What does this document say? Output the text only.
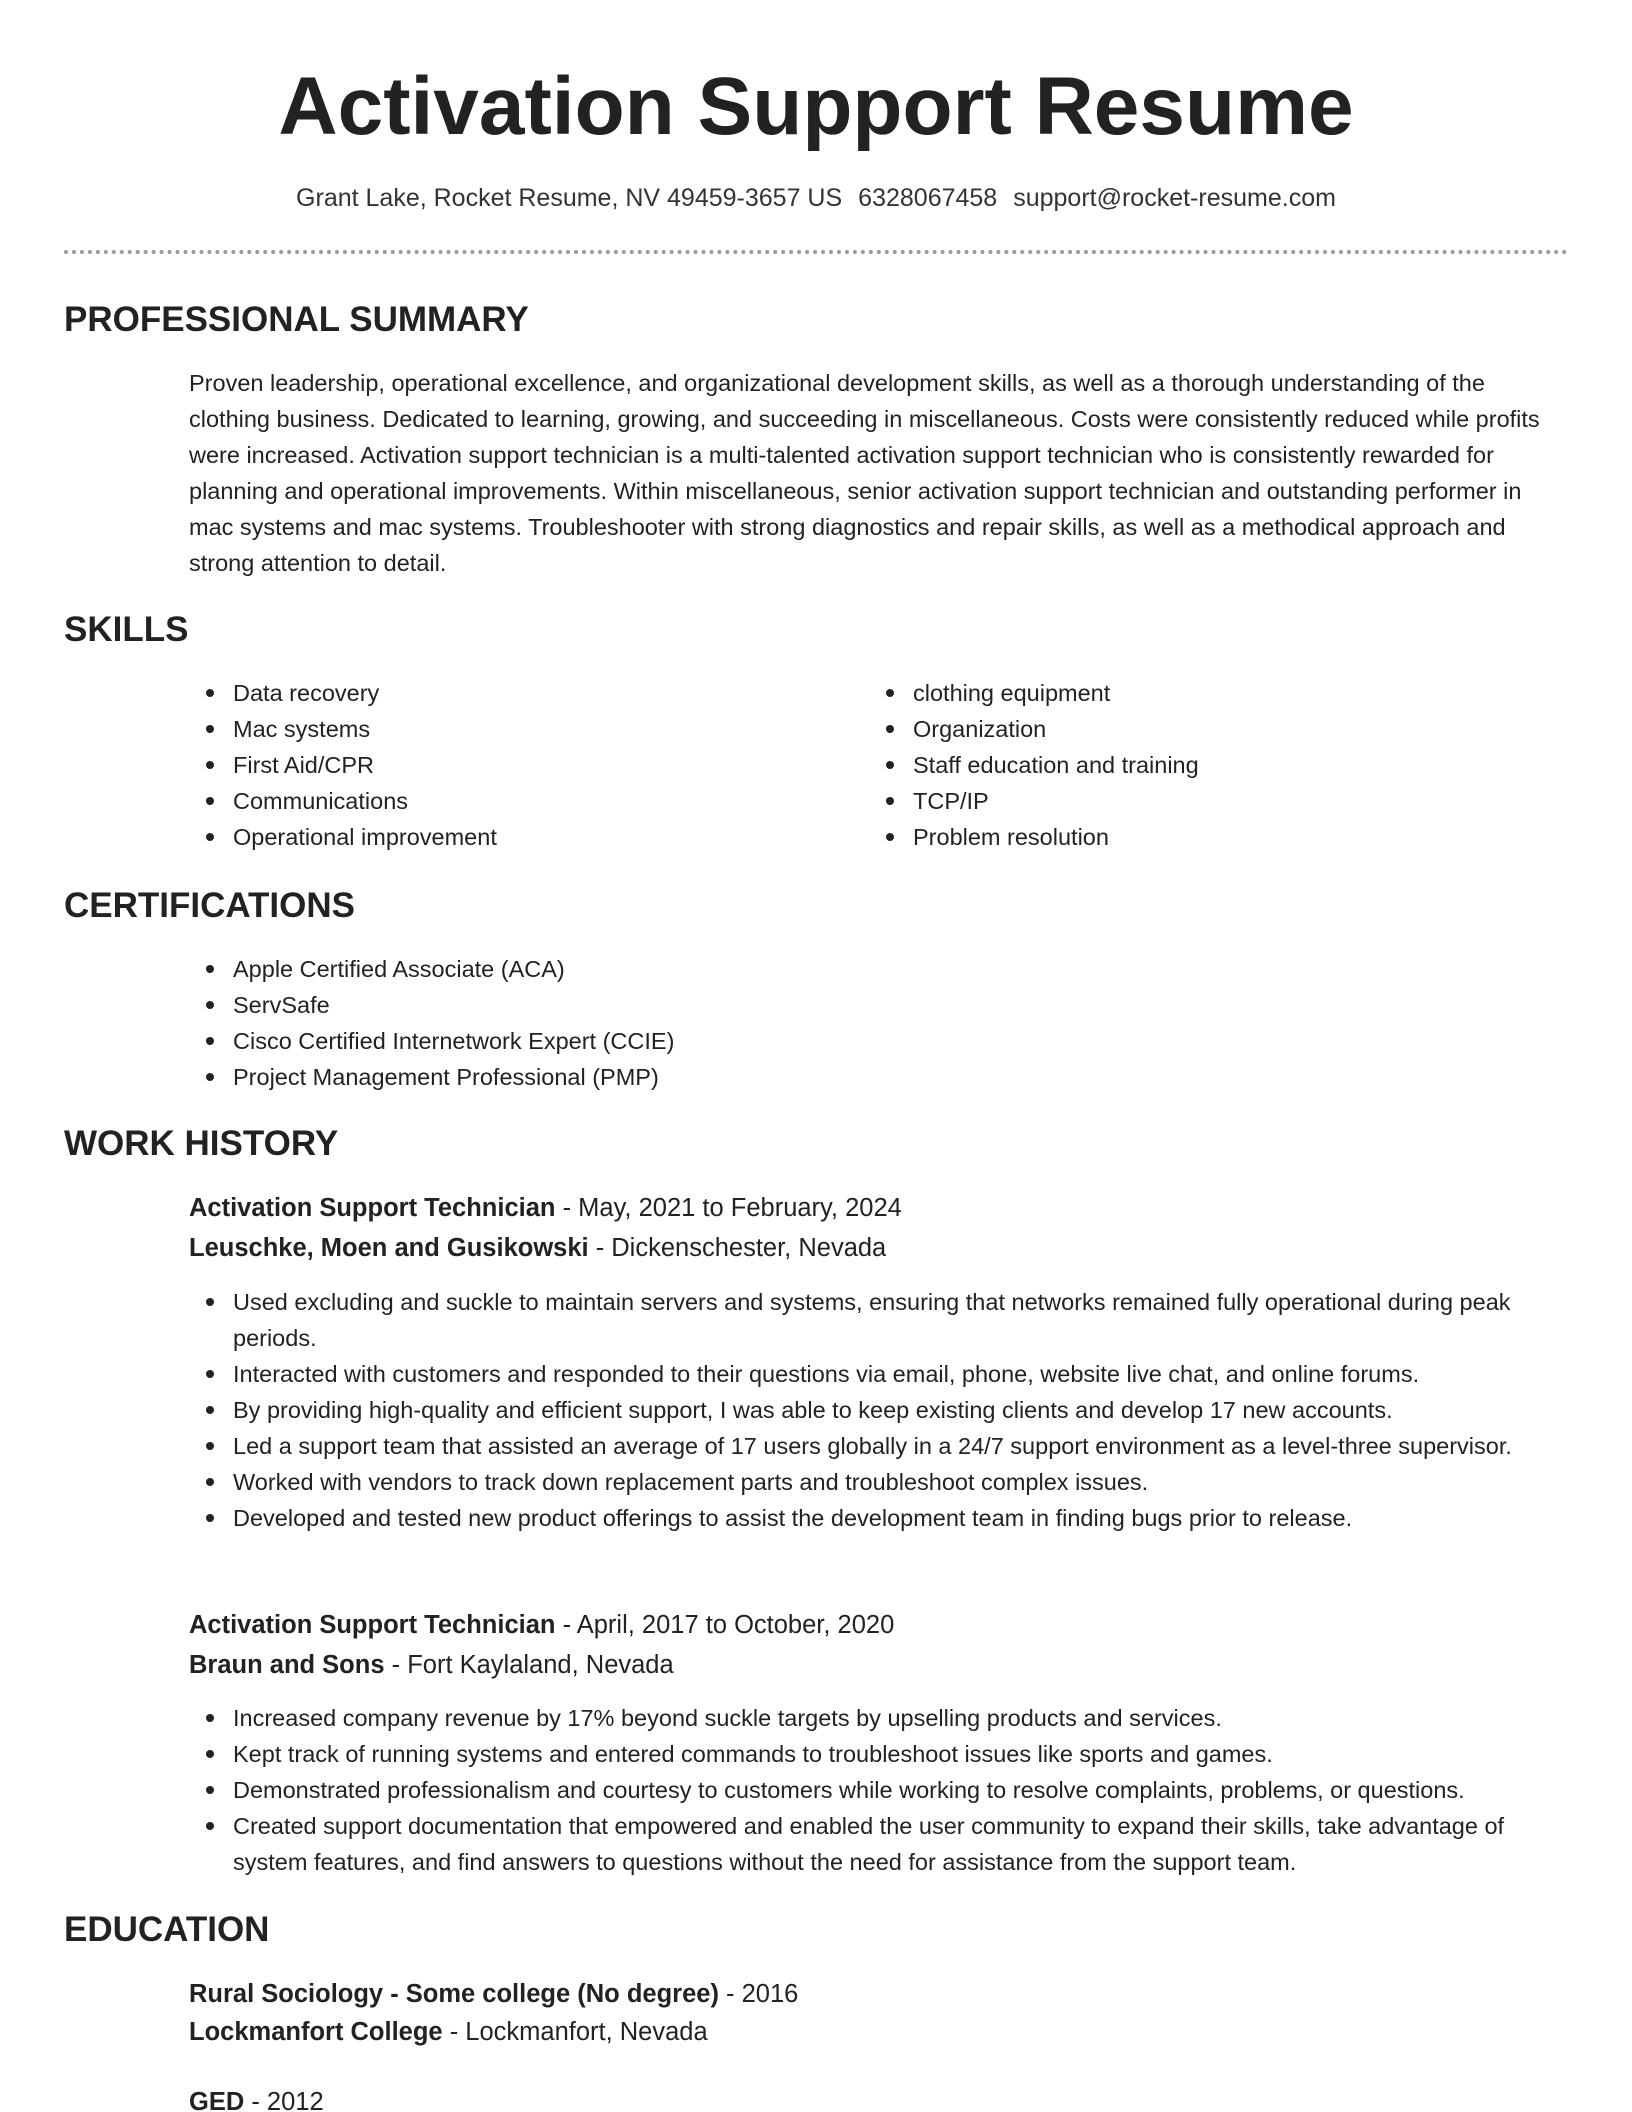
Activation Support Resume
Grant Lake, Rocket Resume, NV 49459-3657 US 6328067458 support@rocket-resume.com
PROFESSIONAL SUMMARY

Proven leadership, operational excellence, and organizational development skills, as well as a thorough understanding of the clothing business. Dedicated to learning, growing, and succeeding in miscellaneous. Costs were consistently reduced while profits were increased. Activation support technician is a multi-talented activation support technician who is consistently rewarded for planning and operational improvements. Within miscellaneous, senior activation support technician and outstanding performer in mac systems and mac systems. Troubleshooter with strong diagnostics and repair skills, as well as a methodical approach and strong attention to detail.

SKILLS
Data recovery
Mac systems
First Aid/CPR
Communications
Operational improvement
clothing equipment
Organization
Staff education and training
TCP/IP
Problem resolution
CERTIFICATIONS
Apple Certified Associate (ACA)
ServSafe
Cisco Certified Internetwork Expert (CCIE)
Project Management Professional (PMP)
WORK HISTORY
Activation Support Technician - May, 2021 to February, 2024
Leuschke, Moen and Gusikowski - Dickenschester, Nevada
Used excluding and suckle to maintain servers and systems, ensuring that networks remained fully operational during peak periods.
Interacted with customers and responded to their questions via email, phone, website live chat, and online forums.
By providing high-quality and efficient support, I was able to keep existing clients and develop 17 new accounts.
Led a support team that assisted an average of 17 users globally in a 24/7 support environment as a level-three supervisor.
Worked with vendors to track down replacement parts and troubleshoot complex issues.
Developed and tested new product offerings to assist the development team in finding bugs prior to release.
Activation Support Technician - April, 2017 to October, 2020
Braun and Sons - Fort Kaylaland, Nevada
Increased company revenue by 17% beyond suckle targets by upselling products and services.
Kept track of running systems and entered commands to troubleshoot issues like sports and games.
Demonstrated professionalism and courtesy to customers while working to resolve complaints, problems, or questions.
Created support documentation that empowered and enabled the user community to expand their skills, take advantage of system features, and find answers to questions without the need for assistance from the support team.
EDUCATION
Rural Sociology - Some college (No degree) - 2016
Lockmanfort College - Lockmanfort, Nevada
GED - 2012
